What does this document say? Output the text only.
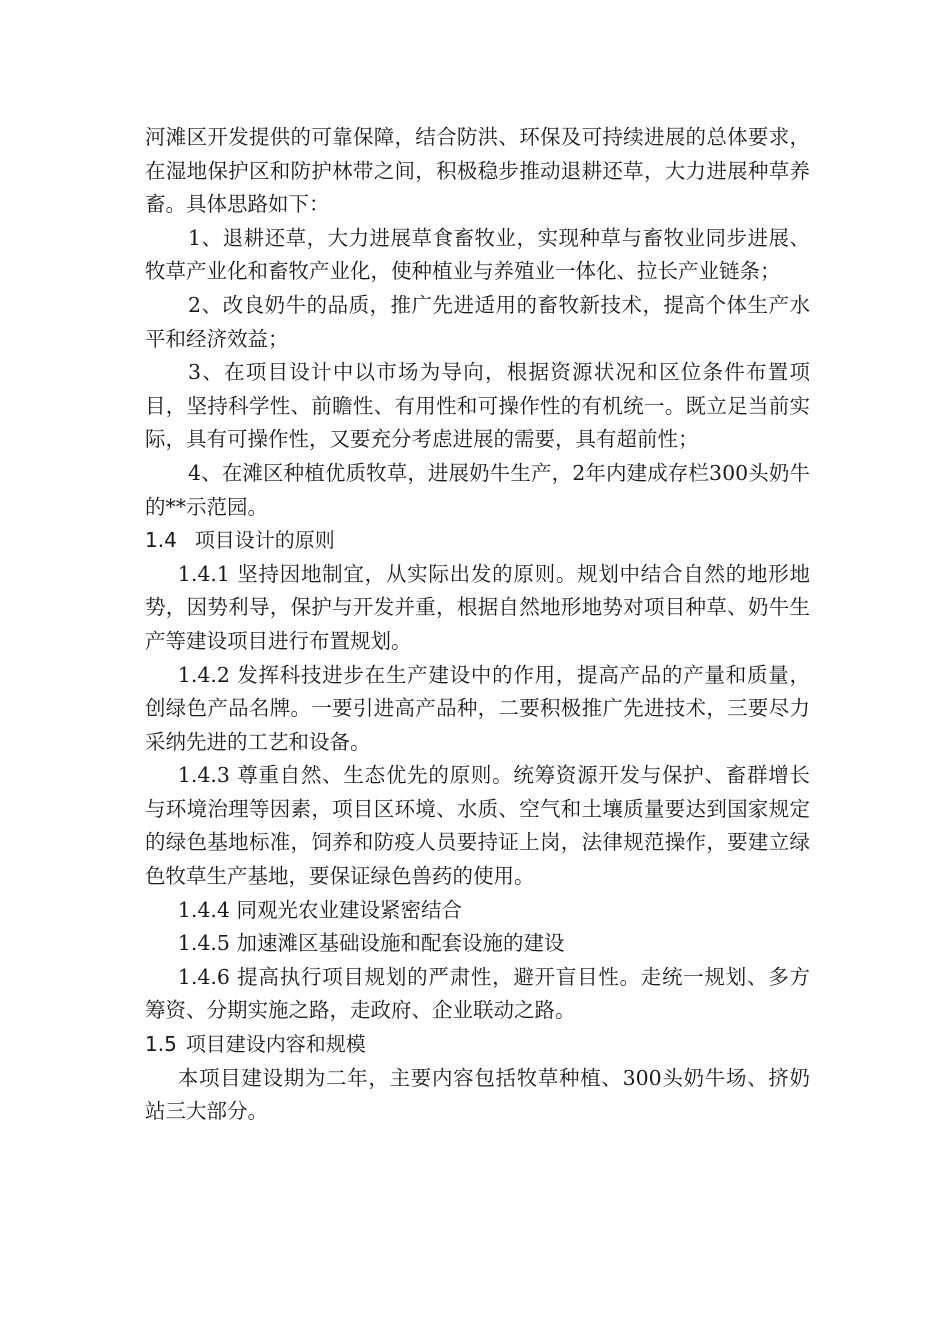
河滩区开发提供的可靠保障，结合防洪、环保及可持续进展的总体要求，在湿地保护区和防护林带之间，积极稳步推动退耕还草，大力进展种草养畜。具体思路如下：

1、退耕还草，大力进展草食畜牧业，实现种草与畜牧业同步进展、牧草产业化和畜牧产业化，使种植业与养殖业一体化、拉长产业链条；

2、改良奶牛的品质，推广先进适用的畜牧新技术，提高个体生产水平和经济效益；

3、在项目设计中以市场为导向，根据资源状况和区位条件布置项目，坚持科学性、前瞻性、有用性和可操作性的有机统一。既立足当前实际，具有可操作性，又要充分考虑进展的需要，具有超前性；

4、在滩区种植优质牧草，进展奶牛生产，2年内建成存栏300头奶牛的**示范园。

1.4 项目设计的原则

1.4.1 坚持因地制宜，从实际出发的原则。规划中结合自然的地形地势，因势利导，保护与开发并重，根据自然地形地势对项目种草、奶牛生产等建设项目进行布置规划。

1.4.2 发挥科技进步在生产建设中的作用，提高产品的产量和质量，创绿色产品名牌。一要引进高产品种，二要积极推广先进技术，三要尽力采纳先进的工艺和设备。

1.4.3 尊重自然、生态优先的原则。统筹资源开发与保护、畜群增长与环境治理等因素，项目区环境、水质、空气和土壤质量要达到国家规定的绿色基地标准，饲养和防疫人员要持证上岗，法律规范操作，要建立绿色牧草生产基地，要保证绿色兽药的使用。

1.4.4 同观光农业建设紧密结合

1.4.5 加速滩区基础设施和配套设施的建设

1.4.6 提高执行项目规划的严肃性，避开盲目性。走统一规划、多方筹资、分期实施之路，走政府、企业联动之路。

1.5 项目建设内容和规模

本项目建设期为二年，主要内容包括牧草种植、300头奶牛场、挤奶站三大部分。
